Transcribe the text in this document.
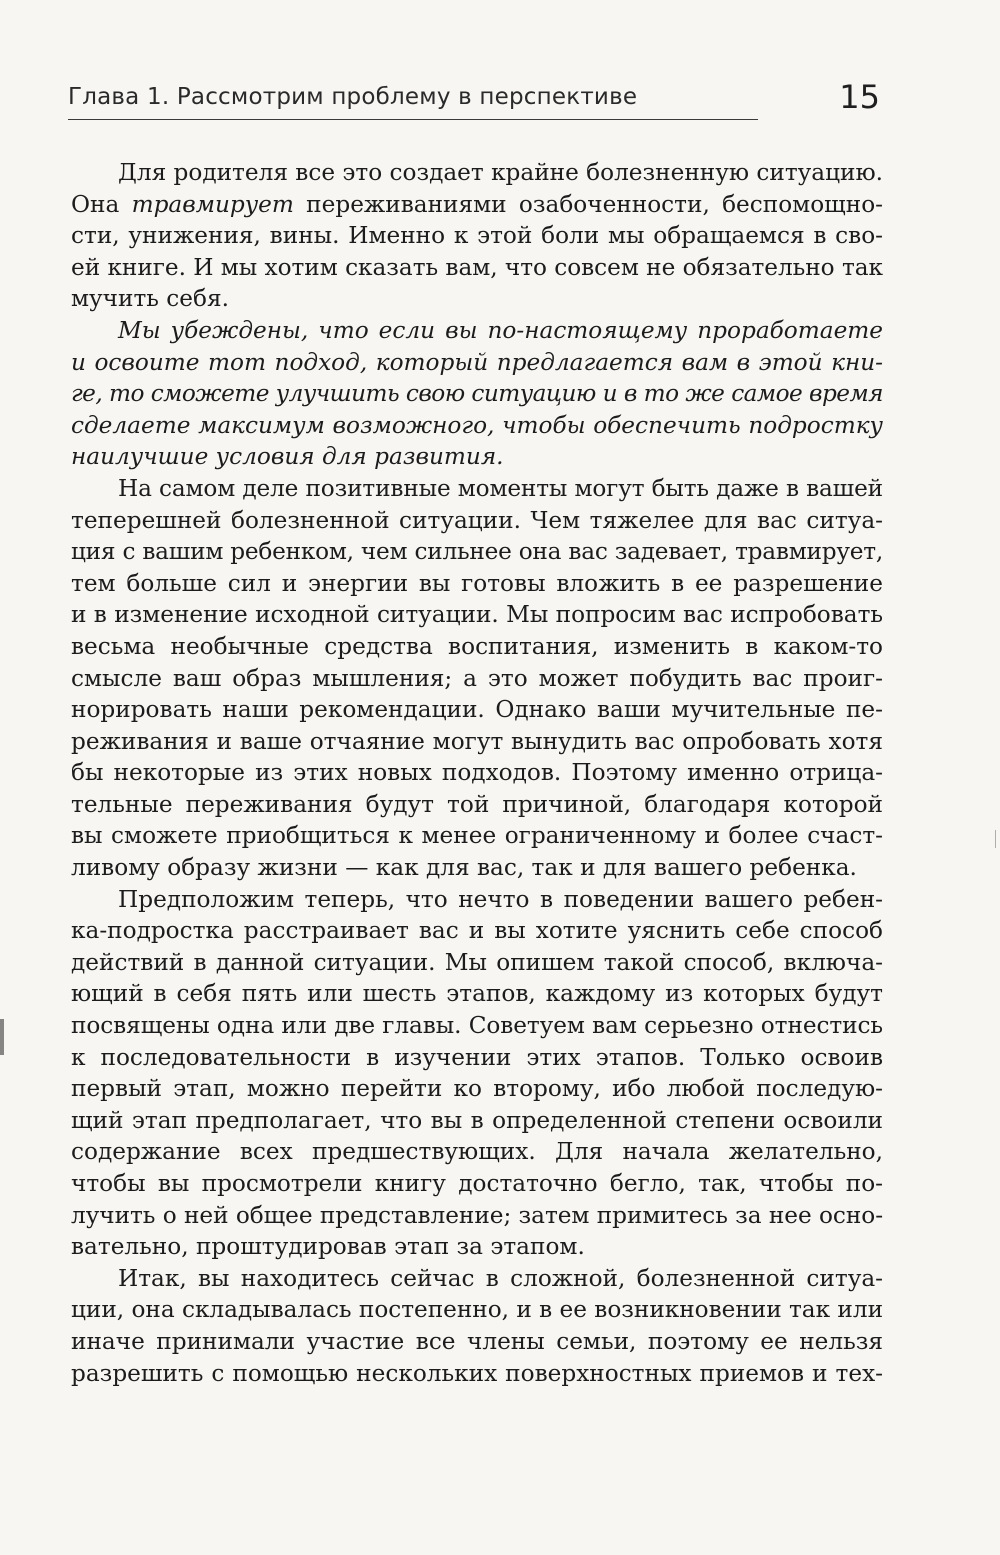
Глава 1. Рассмотрим проблему в перспективе	15
Для родителя все это создает крайне болезненную ситуацию.
Она травмирует переживаниями озабоченности, беспомощно-
сти, унижения, вины. Именно к этой боли мы обращаемся в сво-
ей книге. И мы хотим сказать вам, что совсем не обязательно так
мучить себя.
Мы убеждены, что если вы по-настоящему проработаете
и освоите тот подход, который предлагается вам в этой кни-
ге, то сможете улучшить свою ситуацию и в то же самое время
сделаете максимум возможного, чтобы обеспечить подростку
наилучшие условия для развития.
На самом деле позитивные моменты могут быть даже в вашей
теперешней болезненной ситуации. Чем тяжелее для вас ситуа-
ция с вашим ребенком, чем сильнее она вас задевает, травмирует,
тем больше сил и энергии вы готовы вложить в ее разрешение
и в изменение исходной ситуации. Мы попросим вас испробовать
весьма необычные средства воспитания, изменить в каком-то
смысле ваш образ мышления; а это может побудить вас проиг-
норировать наши рекомендации. Однако ваши мучительные пе-
реживания и ваше отчаяние могут вынудить вас опробовать хотя
бы некоторые из этих новых подходов. Поэтому именно отрица-
тельные переживания будут той причиной, благодаря которой
вы сможете приобщиться к менее ограниченному и более счаст-
ливому образу жизни — как для вас, так и для вашего ребенка.
Предположим теперь, что нечто в поведении вашего ребен-
ка-подростка расстраивает вас и вы хотите уяснить себе способ
действий в данной ситуации. Мы опишем такой способ, включа-
ющий в себя пять или шесть этапов, каждому из которых будут
посвящены одна или две главы. Советуем вам серьезно отнестись
к последовательности в изучении этих этапов. Только освоив
первый этап, можно перейти ко второму, ибо любой последую-
щий этап предполагает, что вы в определенной степени освоили
содержание всех предшествующих. Для начала желательно,
чтобы вы просмотрели книгу достаточно бегло, так, чтобы по-
лучить о ней общее представление; затем примитесь за нее осно-
вательно, проштудировав этап за этапом.
Итак, вы находитесь сейчас в сложной, болезненной ситуа-
ции, она складывалась постепенно, и в ее возникновении так или
иначе принимали участие все члены семьи, поэтому ее нельзя
разрешить с помощью нескольких поверхностных приемов и тех-
